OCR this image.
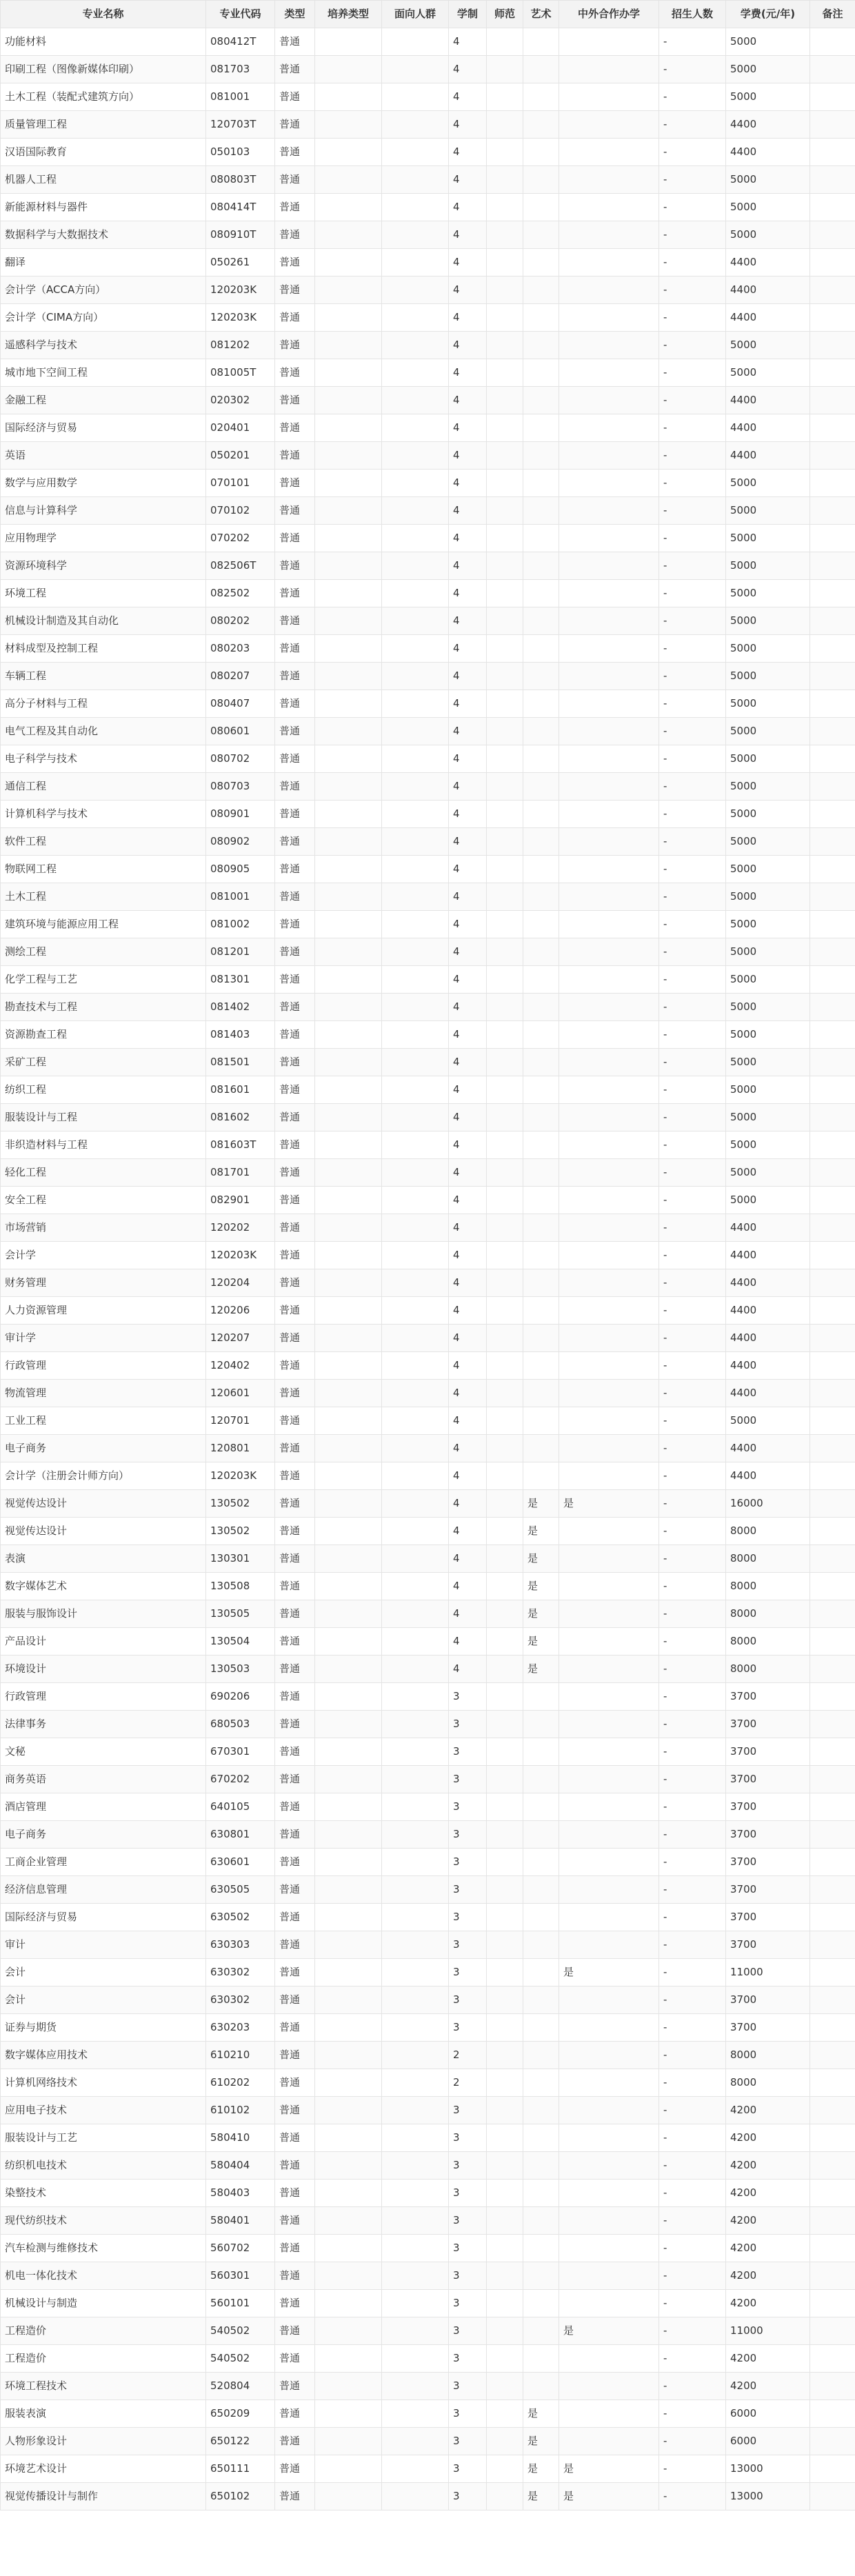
专业名称	专业代码	类型	培养类型	面向人群	学制	师范	艺术	中外合作办学	招生人数	学费(元/年)	备注
功能材料	080412T	普通			4				-	5000	
印刷工程（图像新媒体印刷）	081703	普通			4				-	5000	
土木工程（装配式建筑方向）	081001	普通			4				-	5000	
质量管理工程	120703T	普通			4				-	4400	
汉语国际教育	050103	普通			4				-	4400	
机器人工程	080803T	普通			4				-	5000	
新能源材料与器件	080414T	普通			4				-	5000	
数据科学与大数据技术	080910T	普通			4				-	5000	
翻译	050261	普通			4				-	4400	
会计学（ACCA方向）	120203K	普通			4				-	4400	
会计学（CIMA方向）	120203K	普通			4				-	4400	
遥感科学与技术	081202	普通			4				-	5000	
城市地下空间工程	081005T	普通			4				-	5000	
金融工程	020302	普通			4				-	4400	
国际经济与贸易	020401	普通			4				-	4400	
英语	050201	普通			4				-	4400	
数学与应用数学	070101	普通			4				-	5000	
信息与计算科学	070102	普通			4				-	5000	
应用物理学	070202	普通			4				-	5000	
资源环境科学	082506T	普通			4				-	5000	
环境工程	082502	普通			4				-	5000	
机械设计制造及其自动化	080202	普通			4				-	5000	
材料成型及控制工程	080203	普通			4				-	5000	
车辆工程	080207	普通			4				-	5000	
高分子材料与工程	080407	普通			4				-	5000	
电气工程及其自动化	080601	普通			4				-	5000	
电子科学与技术	080702	普通			4				-	5000	
通信工程	080703	普通			4				-	5000	
计算机科学与技术	080901	普通			4				-	5000	
软件工程	080902	普通			4				-	5000	
物联网工程	080905	普通			4				-	5000	
土木工程	081001	普通			4				-	5000	
建筑环境与能源应用工程	081002	普通			4				-	5000	
测绘工程	081201	普通			4				-	5000	
化学工程与工艺	081301	普通			4				-	5000	
勘查技术与工程	081402	普通			4				-	5000	
资源勘查工程	081403	普通			4				-	5000	
采矿工程	081501	普通			4				-	5000	
纺织工程	081601	普通			4				-	5000	
服装设计与工程	081602	普通			4				-	5000	
非织造材料与工程	081603T	普通			4				-	5000	
轻化工程	081701	普通			4				-	5000	
安全工程	082901	普通			4				-	5000	
市场营销	120202	普通			4				-	4400	
会计学	120203K	普通			4				-	4400	
财务管理	120204	普通			4				-	4400	
人力资源管理	120206	普通			4				-	4400	
审计学	120207	普通			4				-	4400	
行政管理	120402	普通			4				-	4400	
物流管理	120601	普通			4				-	4400	
工业工程	120701	普通			4				-	5000	
电子商务	120801	普通			4				-	4400	
会计学（注册会计师方向）	120203K	普通			4				-	4400	
视觉传达设计	130502	普通			4		是	是	-	16000	
视觉传达设计	130502	普通			4		是		-	8000	
表演	130301	普通			4		是		-	8000	
数字媒体艺术	130508	普通			4		是		-	8000	
服装与服饰设计	130505	普通			4		是		-	8000	
产品设计	130504	普通			4		是		-	8000	
环境设计	130503	普通			4		是		-	8000	
行政管理	690206	普通			3				-	3700	
法律事务	680503	普通			3				-	3700	
文秘	670301	普通			3				-	3700	
商务英语	670202	普通			3				-	3700	
酒店管理	640105	普通			3				-	3700	
电子商务	630801	普通			3				-	3700	
工商企业管理	630601	普通			3				-	3700	
经济信息管理	630505	普通			3				-	3700	
国际经济与贸易	630502	普通			3				-	3700	
审计	630303	普通			3				-	3700	
会计	630302	普通			3			是	-	11000	
会计	630302	普通			3				-	3700	
证券与期货	630203	普通			3				-	3700	
数字媒体应用技术	610210	普通			2				-	8000	
计算机网络技术	610202	普通			2				-	8000	
应用电子技术	610102	普通			3				-	4200	
服装设计与工艺	580410	普通			3				-	4200	
纺织机电技术	580404	普通			3				-	4200	
染整技术	580403	普通			3				-	4200	
现代纺织技术	580401	普通			3				-	4200	
汽车检测与维修技术	560702	普通			3				-	4200	
机电一体化技术	560301	普通			3				-	4200	
机械设计与制造	560101	普通			3				-	4200	
工程造价	540502	普通			3			是	-	11000	
工程造价	540502	普通			3				-	4200	
环境工程技术	520804	普通			3				-	4200	
服装表演	650209	普通			3		是		-	6000	
人物形象设计	650122	普通			3		是		-	6000	
环境艺术设计	650111	普通			3		是	是	-	13000	
视觉传播设计与制作	650102	普通			3		是	是	-	13000	
